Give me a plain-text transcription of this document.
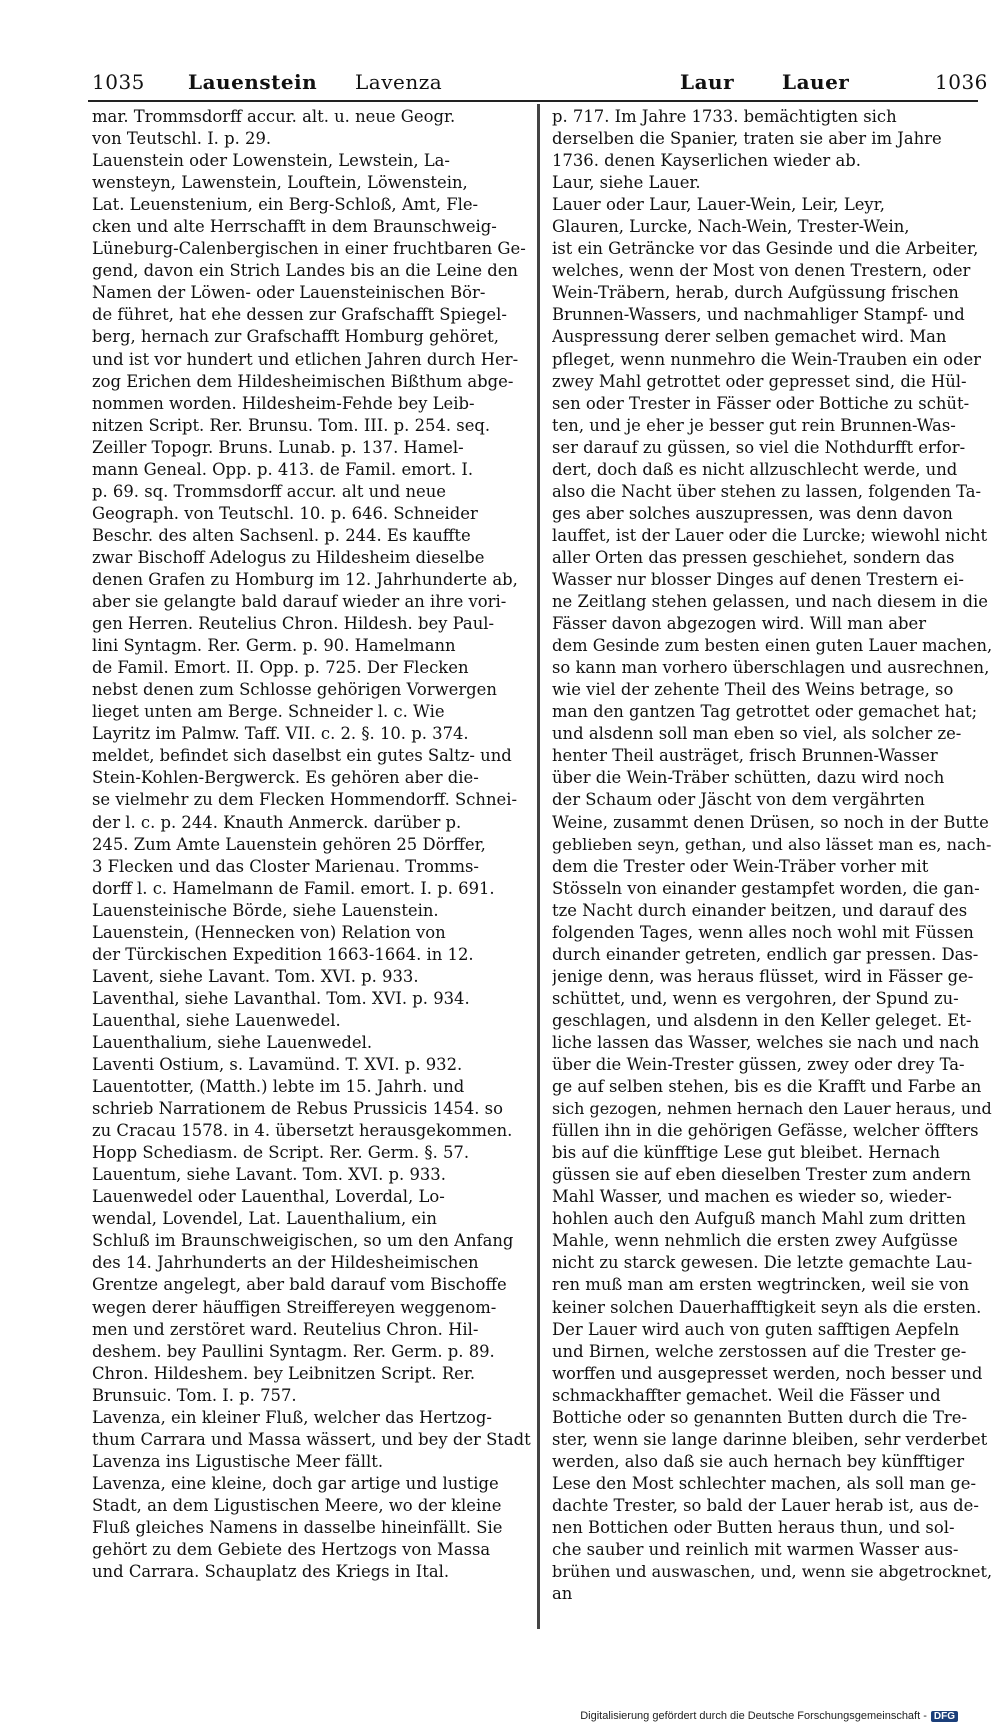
1035 Lauenstein Lavenza	Laur Lauer	1036
mar. Trommsdorff accur. alt. u. neue Geogr.
von Teutschl. I. p. 29.
Lauenstein oder Lowenstein, Lewstein, La-
wensteyn, Lawenstein, Louftein, Löwenstein,
Lat. Leuenstenium, ein Berg-Schloß, Amt, Fle-
cken und alte Herrschafft in dem Braunschweig-
Lüneburg-Calenbergischen in einer fruchtbaren Ge-
gend, davon ein Strich Landes bis an die Leine den
Namen der Löwen- oder Lauensteinischen Bör-
de führet, hat ehe dessen zur Grafschafft Spiegel-
berg, hernach zur Grafschafft Homburg gehöret,
und ist vor hundert und etlichen Jahren durch Her-
zog Erichen dem Hildesheimischen Bißthum abge-
nommen worden. Hildesheim-Fehde bey Leib-
nitzen Script. Rer. Brunsu. Tom. III. p. 254. seq.
Zeiller Topogr. Bruns. Lunab. p. 137. Hamel-
mann Geneal. Opp. p. 413. de Famil. emort. I.
p. 69. sq. Trommsdorff accur. alt und neue
Geograph. von Teutschl. 10. p. 646. Schneider
Beschr. des alten Sachsenl. p. 244. Es kauffte
zwar Bischoff Adelogus zu Hildesheim dieselbe
denen Grafen zu Homburg im 12. Jahrhunderte ab,
aber sie gelangte bald darauf wieder an ihre vori-
gen Herren. Reutelius Chron. Hildesh. bey Paul-
lini Syntagm. Rer. Germ. p. 90. Hamelmann
de Famil. Emort. II. Opp. p. 725. Der Flecken
nebst denen zum Schlosse gehörigen Vorwergen
lieget unten am Berge. Schneider l. c. Wie
Layritz im Palmw. Taff. VII. c. 2. §. 10. p. 374.
meldet, befindet sich daselbst ein gutes Saltz- und
Stein-Kohlen-Bergwerck. Es gehören aber die-
se vielmehr zu dem Flecken Hommendorff. Schnei-
der l. c. p. 244. Knauth Anmerck. darüber p.
245. Zum Amte Lauenstein gehören 25 Dörffer,
3 Flecken und das Closter Marienau. Tromms-
dorff l. c. Hamelmann de Famil. emort. I. p. 691.
Lauensteinische Börde, siehe Lauenstein.
Lauenstein, (Hennecken von) Relation von
der Türckischen Expedition 1663-1664. in 12.
Lavent, siehe Lavant. Tom. XVI. p. 933.
Laventhal, siehe Lavanthal. Tom. XVI. p. 934.
Lauenthal, siehe Lauenwedel.
Lauenthalium, siehe Lauenwedel.
Laventi Ostium, s. Lavamünd. T. XVI. p. 932.
Lauentotter, (Matth.) lebte im 15. Jahrh. und
schrieb Narrationem de Rebus Prussicis 1454. so
zu Cracau 1578. in 4. übersetzt herausgekommen.
Hopp Schediasm. de Script. Rer. Germ. §. 57.
Lauentum, siehe Lavant. Tom. XVI. p. 933.
Lauenwedel oder Lauenthal, Loverdal, Lo-
wendal, Lovendel, Lat. Lauenthalium, ein
Schluß im Braunschweigischen, so um den Anfang
des 14. Jahrhunderts an der Hildesheimischen
Grentze angelegt, aber bald darauf vom Bischoffe
wegen derer häuffigen Streiffereyen weggenom-
men und zerstöret ward. Reutelius Chron. Hil-
deshem. bey Paullini Syntagm. Rer. Germ. p. 89.
Chron. Hildeshem. bey Leibnitzen Script. Rer.
Brunsuic. Tom. I. p. 757.
Lavenza, ein kleiner Fluß, welcher das Hertzog-
thum Carrara und Massa wässert, und bey der Stadt
Lavenza ins Ligustische Meer fällt.
Lavenza, eine kleine, doch gar artige und lustige
Stadt, an dem Ligustischen Meere, wo der kleine
Fluß gleiches Namens in dasselbe hineinfällt. Sie
gehört zu dem Gebiete des Hertzogs von Massa
und Carrara. Schauplatz des Kriegs in Ital.
p. 717. Im Jahre 1733. bemächtigten sich
derselben die Spanier, traten sie aber im Jahre
1736. denen Kayserlichen wieder ab.
Laur, siehe Lauer.
Lauer oder Laur, Lauer-Wein, Leir, Leyr,
Glauren, Lurcke, Nach-Wein, Trester-Wein,
ist ein Geträncke vor das Gesinde und die Arbeiter,
welches, wenn der Most von denen Trestern, oder
Wein-Träbern, herab, durch Aufgüssung frischen
Brunnen-Wassers, und nachmahliger Stampf- und
Auspressung derer selben gemachet wird. Man
pfleget, wenn nunmehro die Wein-Trauben ein oder
zwey Mahl getrottet oder gepresset sind, die Hül-
sen oder Trester in Fässer oder Bottiche zu schüt-
ten, und je eher je besser gut rein Brunnen-Was-
ser darauf zu güssen, so viel die Nothdurfft erfor-
dert, doch daß es nicht allzuschlecht werde, und
also die Nacht über stehen zu lassen, folgenden Ta-
ges aber solches auszupressen, was denn davon
lauffet, ist der Lauer oder die Lurcke; wiewohl nicht
aller Orten das pressen geschiehet, sondern das
Wasser nur blosser Dinges auf denen Trestern ei-
ne Zeitlang stehen gelassen, und nach diesem in die
Fässer davon abgezogen wird. Will man aber
dem Gesinde zum besten einen guten Lauer machen,
so kann man vorhero überschlagen und ausrechnen,
wie viel der zehente Theil des Weins betrage, so
man den gantzen Tag getrottet oder gemachet hat;
und alsdenn soll man eben so viel, als solcher ze-
henter Theil austräget, frisch Brunnen-Wasser
über die Wein-Träber schütten, dazu wird noch
der Schaum oder Jäscht von dem vergährten
Weine, zusammt denen Drüsen, so noch in der Butte
geblieben seyn, gethan, und also lässet man es, nach-
dem die Trester oder Wein-Träber vorher mit
Stösseln von einander gestampfet worden, die gan-
tze Nacht durch einander beitzen, und darauf des
folgenden Tages, wenn alles noch wohl mit Füssen
durch einander getreten, endlich gar pressen. Das-
jenige denn, was heraus flüsset, wird in Fässer ge-
schüttet, und, wenn es vergohren, der Spund zu-
geschlagen, und alsdenn in den Keller geleget. Et-
liche lassen das Wasser, welches sie nach und nach
über die Wein-Trester güssen, zwey oder drey Ta-
ge auf selben stehen, bis es die Krafft und Farbe an
sich gezogen, nehmen hernach den Lauer heraus, und
füllen ihn in die gehörigen Gefässe, welcher öffters
bis auf die künfftige Lese gut bleibet. Hernach
güssen sie auf eben dieselben Trester zum andern
Mahl Wasser, und machen es wieder so, wieder-
hohlen auch den Aufguß manch Mahl zum dritten
Mahle, wenn nehmlich die ersten zwey Aufgüsse
nicht zu starck gewesen. Die letzte gemachte Lau-
ren muß man am ersten wegtrincken, weil sie von
keiner solchen Dauerhafftigkeit seyn als die ersten.
Der Lauer wird auch von guten safftigen Aepfeln
und Birnen, welche zerstossen auf die Trester ge-
worffen und ausgepresset werden, noch besser und
schmackhaffter gemachet. Weil die Fässer und
Bottiche oder so genannten Butten durch die Tre-
ster, wenn sie lange darinne bleiben, sehr verderbet
werden, also daß sie auch hernach bey künfftiger
Lese den Most schlechter machen, als soll man ge-
dachte Trester, so bald der Lauer herab ist, aus de-
nen Bottichen oder Butten heraus thun, und sol-
che sauber und reinlich mit warmen Wasser aus-
brühen und auswaschen, und, wenn sie abgetrocknet,
an
Digitalisierung gefördert durch die Deutsche Forschungsgemeinschaft - DFG
